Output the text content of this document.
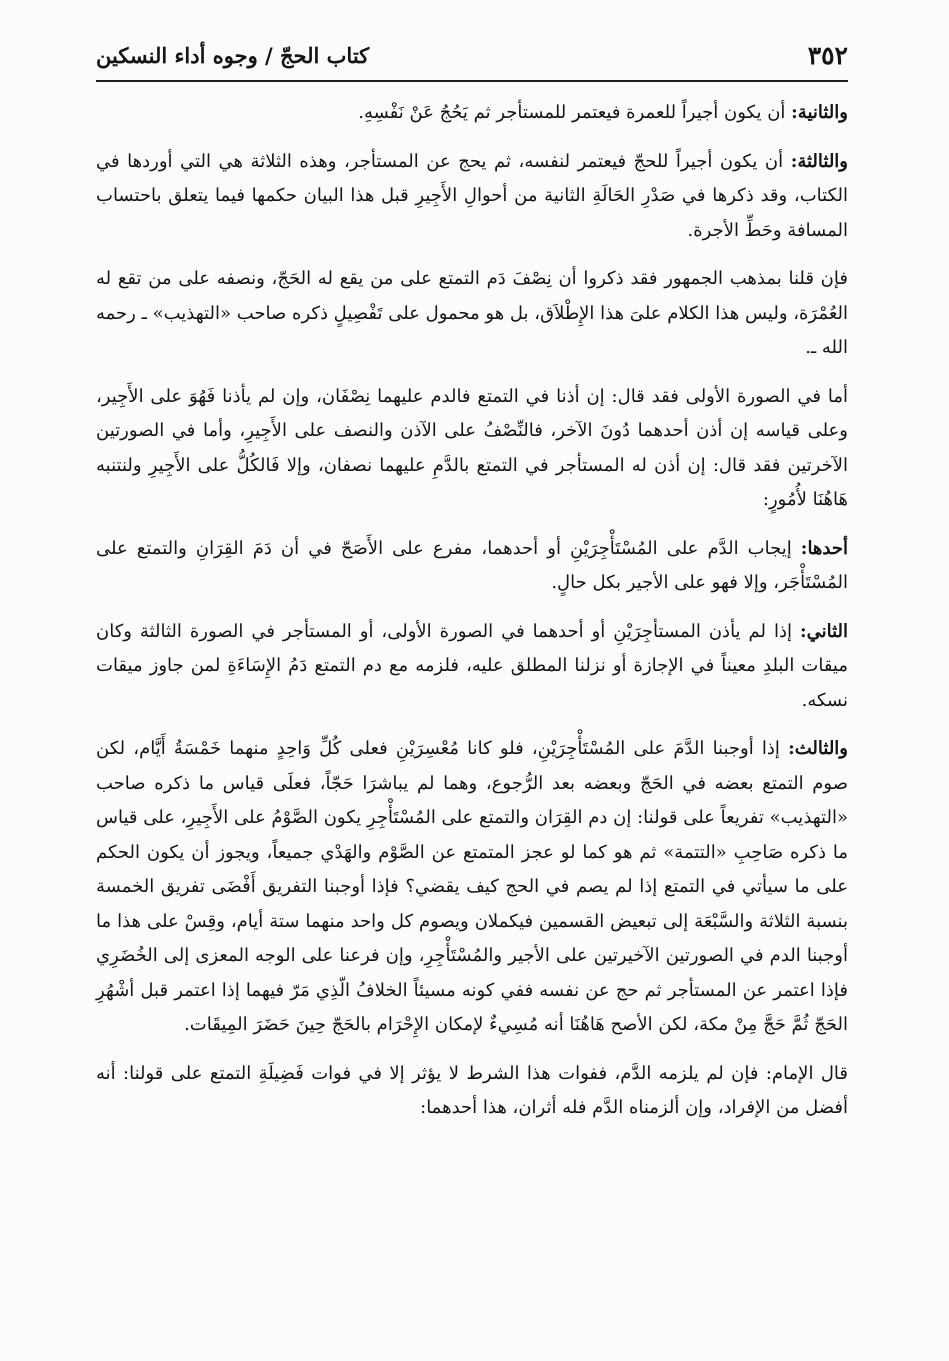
٣٥٢
كتاب الحجّ / وجوه أداء النسكين

والثانية: أن يكون أجيراً للعمرة فيعتمر للمستأجر ثم يَحُجُ عَنْ نَفْسِهِ.

والثالثة: أن يكون أجيراً للحجّ فيعتمر لنفسه، ثم يحج عن المستأجر، وهذه الثلاثة هي التي أوردها في الكتاب، وقد ذكرها في صَدْرِ الحَالَةِ الثانية من أحوالِ الأَجِيرِ قبل هذا البيان حكمها فيما يتعلق باحتساب المسافة وحَطِّ الأجرة.

فإن قلنا بمذهب الجمهور فقد ذكروا أن نِصْفَ دَم التمتع على من يقع له الحَجّ، ونصفه على من تقع له العُمْرَة، وليس هذا الكلام علىَ هذا الإِطْلاَق، بل هو محمول على تَفْصِيلٍ ذكره صاحب «التهذيب» ـ رحمه الله ـ.

أما في الصورة الأولى فقد قال: إن أذنا في التمتع فالدم عليهما نِصْفَان، وإن لم يأذنا فَهُوَ على الأَجِير، وعلى قياسه إن أذن أحدهما دُونَ الآخر، فالنِّصْفُ على الآذن والنصف على الأَجِيرِ، وأما في الصورتين الآخرتين فقد قال: إن أذن له المستأجر في التمتع بالدَّمِ عليهما نصفان، وإلا فَالكُلُّ على الأَجِيرِ ولنتنبه هَاهُنَا لأُمُورٍ:

أحدها: إيجاب الدَّم على المُسْتَأْجِرَيْنِ أو أحدهما، مفرع على الأَصَحّ في أن دَمَ القِرَانِ والتمتع على المُسْتَأْجَر، وإلا فهو على الأجير بكل حالٍ.

الثاني: إذا لم يأذن المستأجِرَيْنِ أو أحدهما في الصورة الأولى، أو المستأجر في الصورة الثالثة وكان ميقات البلدِ معيناً في الإجازة أو نزلنا المطلق عليه، فلزمه مع دم التمتع دَمُ الإِسَاءَةِ لمن جاوز ميقات نسكه.

والثالث: إذا أوجبنا الدَّمَ على المُسْتَأْجِرَيْنِ، فلو كانا مُعْسِرَيْنِ فعلى كُلِّ وَاحِدٍ منهما خَمْسَةُ أَيَّام، لكن صوم التمتع بعضه في الحَجّ وبعضه بعد الرُّجوع، وهما لم يباشرَا حَجّاً، فعلَى قياس ما ذكره صاحب «التهذيب» تفريعاً على قولنا: إن دم القِرَان والتمتع على المُسْتَأْجِرِ يكون الصَّوْمُ على الأَجِيرِ، على قياس ما ذكره صَاحِبِ «التتمة» ثم هو كما لو عجز المتمتع عن الصَّوْم والهَدْي جميعاً، ويجوز أن يكون الحكم على ما سيأتي في التمتع إذا لم يصم في الحج كيف يقضي؟ فإذا أوجبنا التفريق أَفْضَى تفريق الخمسة بنسبة الثلاثة والسَّبْعَة إلى تبعيض القسمين فيكملان ويصوم كل واحد منهما ستة أيام، وقِسْ على هذا ما أوجبنا الدم في الصورتين الآخيرتين على الأجير والمُسْتَأْجِرِ، وإن فرعنا على الوجه المعزى إلى الخُضَرِي فإذا اعتمر عن المستأجر ثم حج عن نفسه ففي كونه مسيئاً الخلافُ الّذِي مَرّ فيهما إذا اعتمر قبل أشْهُرِ الحَجّ ثُمَّ حَجَّ مِنْ مكة، لكن الأصح هَاهُنَا أنه مُسِيءٌ لإمكان الإِحْرَام بالحَجّ حِينَ حَضَرَ المِيقَات.

قال الإمام: فإن لم يلزمه الدَّم، ففوات هذا الشرط لا يؤثر إلا في فوات فَضِيلَةِ التمتع على قولنا: أنه أفضل من الإفراد، وإن ألزمناه الدَّم فله أثران، هذا أحدهما:
